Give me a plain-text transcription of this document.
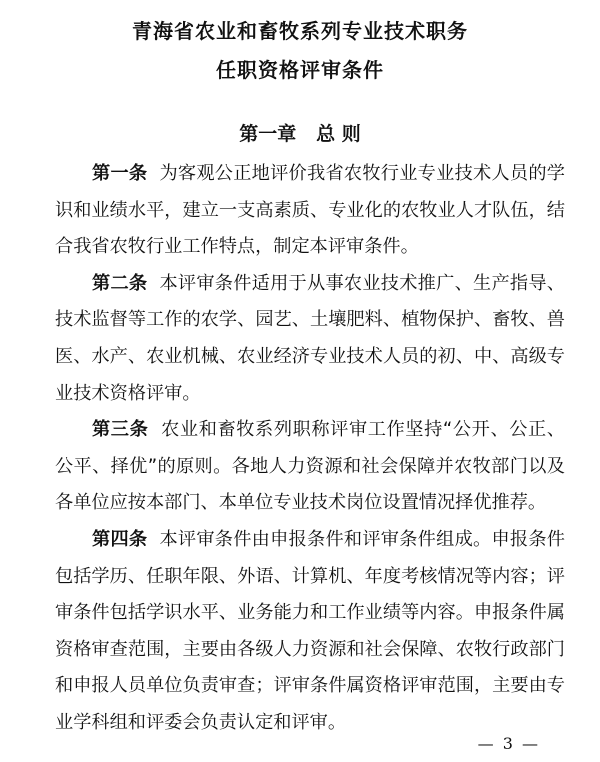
青海省农业和畜牧系列专业技术职务
任职资格评审条件
第一章   总 则

第一条 为客观公正地评价我省农牧行业专业技术人员的学识和业绩水平，建立一支高素质、专业化的农牧业人才队伍，结合我省农牧行业工作特点，制定本评审条件。

第二条 本评审条件适用于从事农业技术推广、生产指导、技术监督等工作的农学、园艺、土壤肥料、植物保护、畜牧、兽医、水产、农业机械、农业经济专业技术人员的初、中、高级专业技术资格评审。

第三条 农业和畜牧系列职称评审工作坚持“公开、公正、公平、择优”的原则。各地人力资源和社会保障并农牧部门以及各单位应按本部门、本单位专业技术岗位设置情况择优推荐。

第四条 本评审条件由申报条件和评审条件组成。申报条件包括学历、任职年限、外语、计算机、年度考核情况等内容；评审条件包括学识水平、业务能力和工作业绩等内容。申报条件属资格审查范围，主要由各级人力资源和社会保障、农牧行政部门和申报人员单位负责审查；评审条件属资格评审范围，主要由专业学科组和评委会负责认定和评审。

— 3 —
